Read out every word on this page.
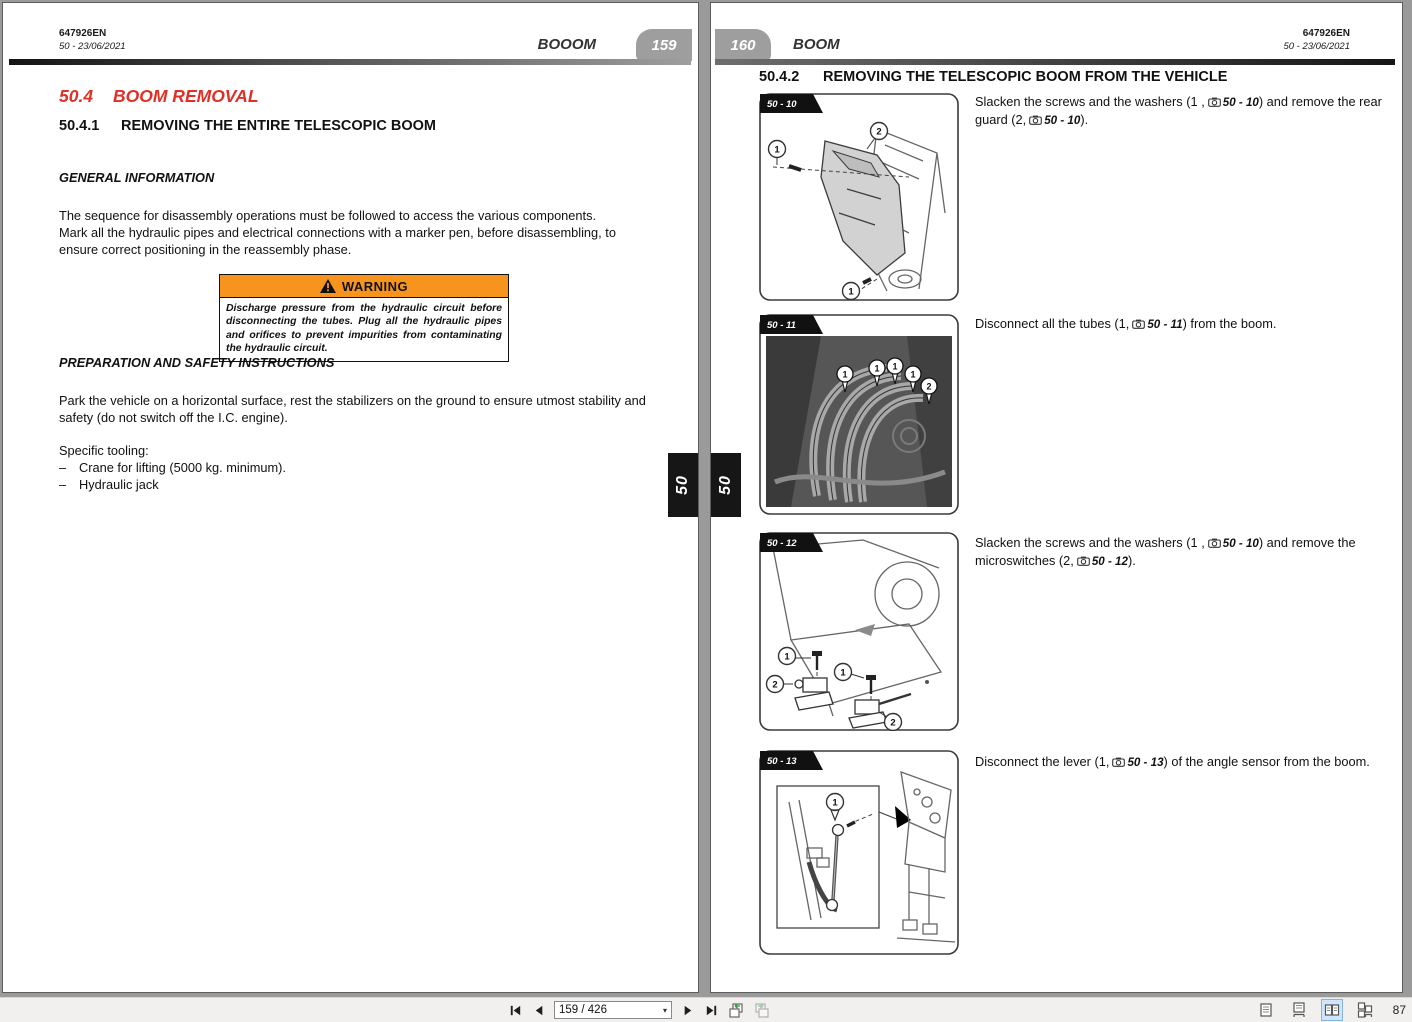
647926EN
50 - 23/06/2021	BOOOM	159
50.4 BOOM REMOVAL
50.4.1 REMOVING THE ENTIRE TELESCOPIC BOOM
GENERAL INFORMATION
The sequence for disassembly operations must be followed to access the various components.
Mark all the hydraulic pipes and electrical connections with a marker pen, before disassembling, to ensure correct positioning in the reassembly phase.
WARNING
Discharge pressure from the hydraulic circuit before disconnecting the tubes. Plug all the hydraulic pipes and orifices to prevent impurities from contaminating the hydraulic circuit.
PREPARATION AND SAFETY INSTRUCTIONS
Park the vehicle on a horizontal surface, rest the stabilizers on the ground to ensure utmost stability and safety (do not switch off the I.C. engine).
Specific tooling:
– Crane for lifting (5000 kg. minimum).
– Hydraulic jack	50
160	BOOM
647926EN
50 - 23/06/2021
50.4.2 REMOVING THE TELESCOPIC BOOM FROM THE VEHICLE
1
2
1
50 - 10	Slacken the screws and the washers (1 , 50 - 10) and remove the rear guard (2, 50 - 10).

1
1 1
1
2
50 - 11	Disconnect all the tubes (1, 50 - 11) from the boom.

1
2
1
2
50 - 12	Slacken the screws and the washers (1 , 50 - 10) and remove the microswitches (2, 50 - 12).

1
50 - 13	Disconnect the lever (1, 50 - 13) of the angle sensor from the boom.

50
159 / 426	▾	87
